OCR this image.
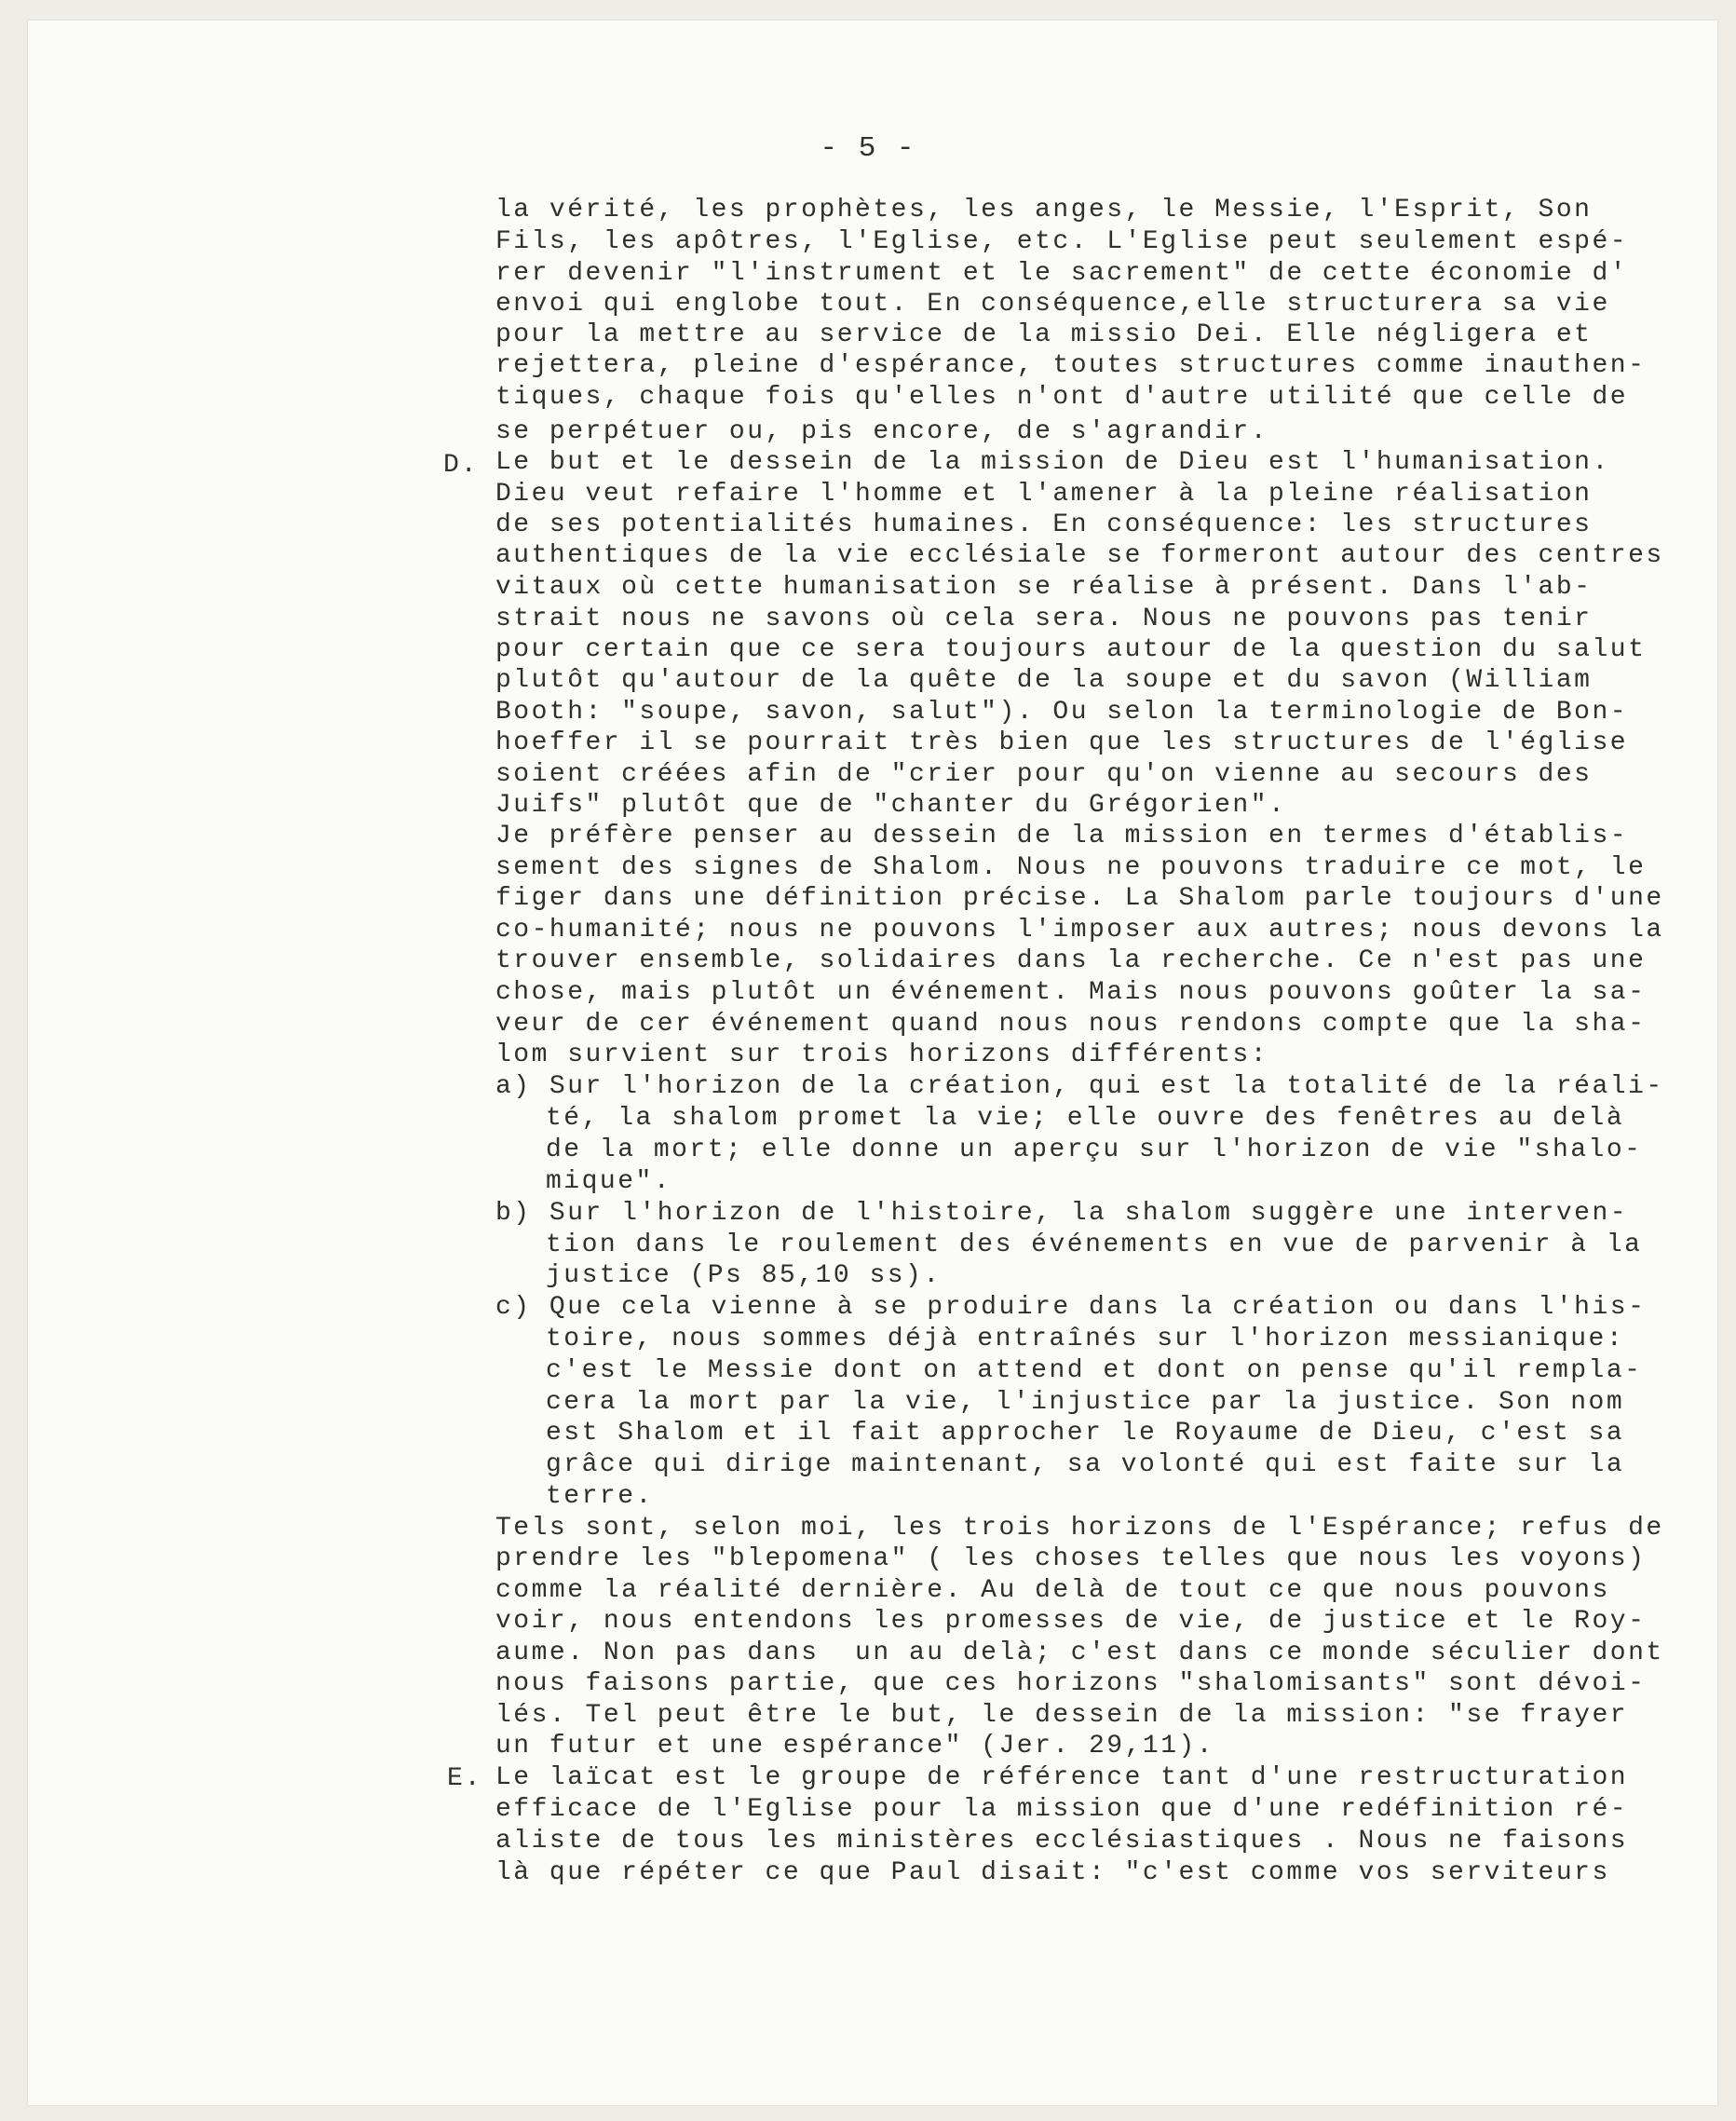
- 5 -

D.

E.

la vérité, les prophètes, les anges, le Messie, l'Esprit, Son

Fils, les apôtres, l'Eglise, etc. L'Eglise peut seulement espé-

rer devenir "l'instrument et le sacrement" de cette économie d'

envoi qui englobe tout. En conséquence,elle structurera sa vie

pour la mettre au service de la missio Dei. Elle négligera et

rejettera, pleine d'espérance, toutes structures comme inauthen-

tiques, chaque fois qu'elles n'ont d'autre utilité que celle de

se perpétuer ou, pis encore, de s'agrandir.

Le but et le dessein de la mission de Dieu est l'humanisation.

Dieu veut refaire l'homme et l'amener à la pleine réalisation

de ses potentialités humaines. En conséquence: les structures

authentiques de la vie ecclésiale se formeront autour des centres

vitaux où cette humanisation se réalise à présent. Dans l'ab-

strait nous ne savons où cela sera. Nous ne pouvons pas tenir

pour certain que ce sera toujours autour de la question du salut

plutôt qu'autour de la quête de la soupe et du savon (William

Booth: "soupe, savon, salut"). Ou selon la terminologie de Bon-

hoeffer il se pourrait très bien que les structures de l'église

soient créées afin de "crier pour qu'on vienne au secours des

Juifs" plutôt que de "chanter du Grégorien".

Je préfère penser au dessein de la mission en termes d'établis-

sement des signes de Shalom. Nous ne pouvons traduire ce mot, le

figer dans une définition précise. La Shalom parle toujours d'une

co-humanité; nous ne pouvons l'imposer aux autres; nous devons la

trouver ensemble, solidaires dans la recherche. Ce n'est pas une

chose, mais plutôt un événement. Mais nous pouvons goûter la sa-

veur de cer événement quand nous nous rendons compte que la sha-

lom survient sur trois horizons différents:

a) Sur l'horizon de la création, qui est la totalité de la réali-

té, la shalom promet la vie; elle ouvre des fenêtres au delà

de la mort; elle donne un aperçu sur l'horizon de vie "shalo-

mique".

b) Sur l'horizon de l'histoire, la shalom suggère une interven-

tion dans le roulement des événements en vue de parvenir à la

justice (Ps 85,10 ss).

c) Que cela vienne à se produire dans la création ou dans l'his-

toire, nous sommes déjà entraînés sur l'horizon messianique:

c'est le Messie dont on attend et dont on pense qu'il rempla-

cera la mort par la vie, l'injustice par la justice. Son nom

est Shalom et il fait approcher le Royaume de Dieu, c'est sa

grâce qui dirige maintenant, sa volonté qui est faite sur la

terre.

Tels sont, selon moi, les trois horizons de l'Espérance; refus de

prendre les "blepomena" ( les choses telles que nous les voyons)

comme la réalité dernière. Au delà de tout ce que nous pouvons

voir, nous entendons les promesses de vie, de justice et le Roy-

aume. Non pas dans  un au delà; c'est dans ce monde séculier dont

nous faisons partie, que ces horizons "shalomisants" sont dévoi-

lés. Tel peut être le but, le dessein de la mission: "se frayer

un futur et une espérance" (Jer. 29,11).

Le laïcat est le groupe de référence tant d'une restructuration

efficace de l'Eglise pour la mission que d'une redéfinition ré-

aliste de tous les ministères ecclésiastiques . Nous ne faisons

là que répéter ce que Paul disait: "c'est comme vos serviteurs
